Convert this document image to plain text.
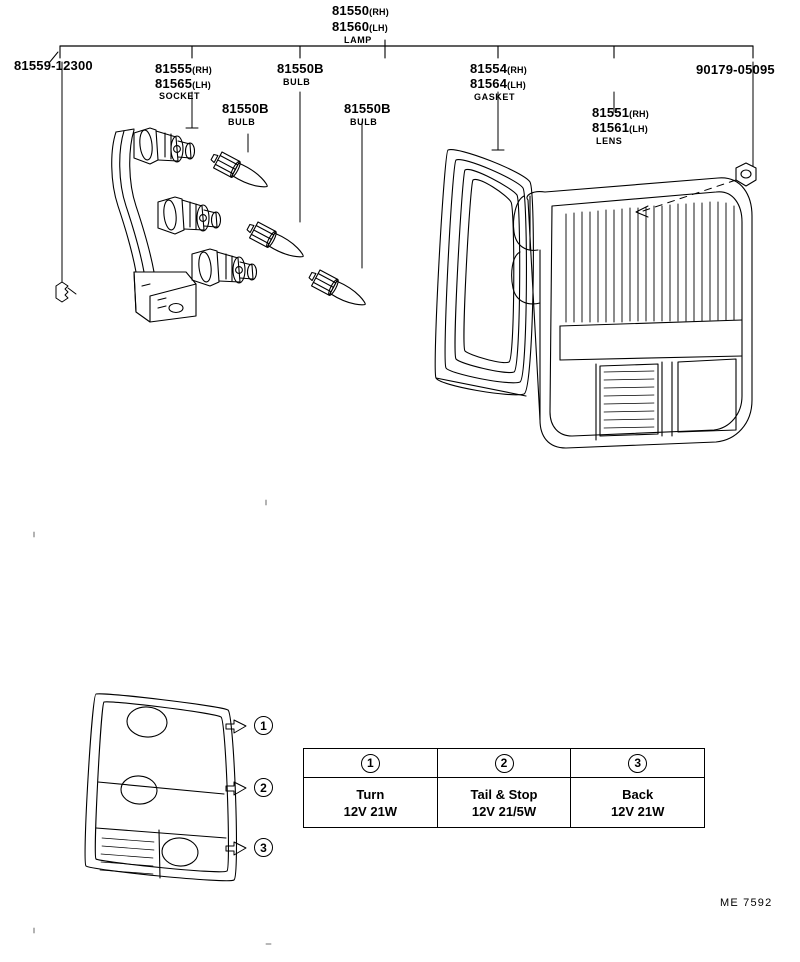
81550(RH)
81560(LH)
LAMP
81559-12300	81555(RH)
81565(LH)
SOCKET
81550B
BULB
81550B
BULB
81550B
BULB
81554(RH)
81564(LH)
GASKET
81551(RH)
81561(LH)
LENS
90179-05095
1
2
3
1
Turn
12V 21W
2
Tail & Stop
12V 21/5W
3
Back
12V 21W
ME 7592
